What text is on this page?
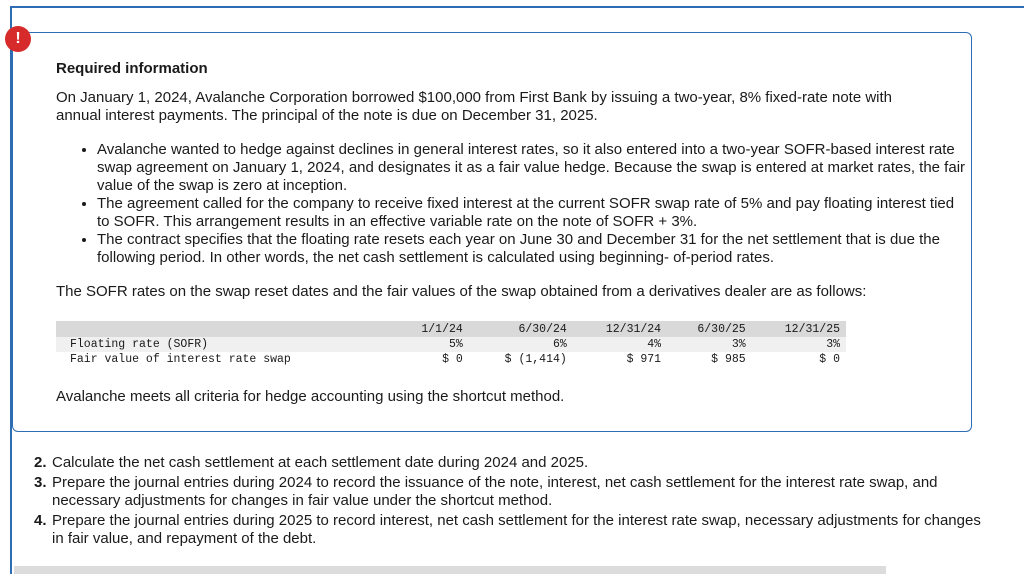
Required information
On January 1, 2024, Avalanche Corporation borrowed $100,000 from First Bank by issuing a two-year, 8% fixed-rate note with annual interest payments. The principal of the note is due on December 31, 2025.
• Avalanche wanted to hedge against declines in general interest rates, so it also entered into a two-year SOFR-based interest rate swap agreement on January 1, 2024, and designates it as a fair value hedge. Because the swap is entered at market rates, the fair value of the swap is zero at inception.
• The agreement called for the company to receive fixed interest at the current SOFR swap rate of 5% and pay floating interest tied to SOFR. This arrangement results in an effective variable rate on the note of SOFR + 3%.
• The contract specifies that the floating rate resets each year on June 30 and December 31 for the net settlement that is due the following period. In other words, the net cash settlement is calculated using beginning- of-period rates.
The SOFR rates on the swap reset dates and the fair values of the swap obtained from a derivatives dealer are as follows:
	1/1/24	6/30/24	12/31/24	6/30/25	12/31/25
Floating rate (SOFR)	5%	6%	4%	3%	3%
Fair value of interest rate swap	$ 0	$ (1,414)	$ 971	$ 985	$ 0
Avalanche meets all criteria for hedge accounting using the shortcut method.
!
2. Calculate the net cash settlement at each settlement date during 2024 and 2025.
3. Prepare the journal entries during 2024 to record the issuance of the note, interest, net cash settlement for the interest rate swap, and necessary adjustments for changes in fair value under the shortcut method.
4. Prepare the journal entries during 2025 to record interest, net cash settlement for the interest rate swap, necessary adjustments for changes in fair value, and repayment of the debt.
